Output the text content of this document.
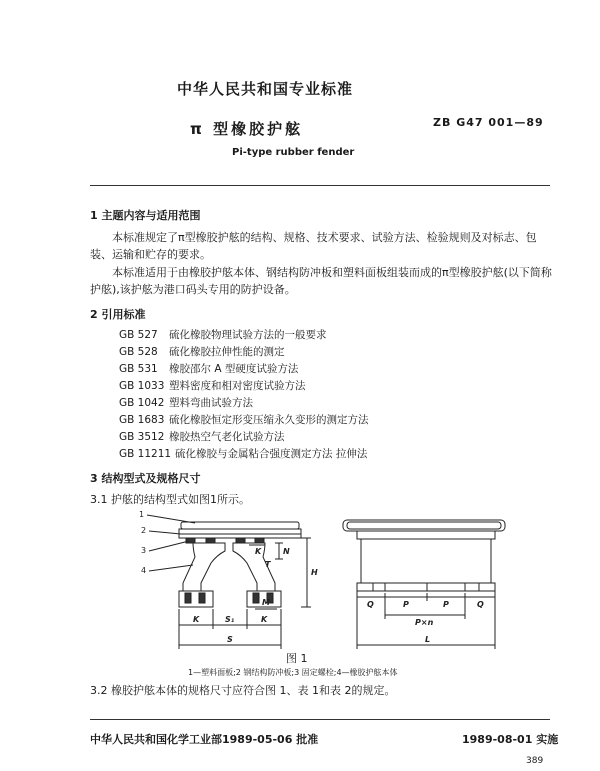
中华人民共和国专业标准
π 型橡胶护舷	ZB G47 001—89
Pi-type rubber fender
1 主题内容与适用范围
本标准规定了π型橡胶护舷的结构、规格、技术要求、试验方法、检验规则及对标志、包装、运输和贮存的要求。
本标准适用于由橡胶护舷本体、钢结构防冲板和塑料面板组装而成的π型橡胶护舷(以下简称护舷),该护舷为港口码头专用的防护设备。
2 引用标准
GB 527 硫化橡胶物理试验方法的一般要求
GB 528 硫化橡胶拉伸性能的测定
GB 531 橡胶邵尔 A 型硬度试验方法
GB 1033 塑料密度和相对密度试验方法
GB 1042 塑料弯曲试验方法
GB 1683 硫化橡胶恒定形变压缩永久变形的测定方法
GB 3512 橡胶热空气老化试验方法
GB 11211 硫化橡胶与金属粘合强度测定方法 拉伸法
3 结构型式及规格尺寸
3.1 护舷的结构型式如图1所示。
1
2
3
4
K	N
T
H
K	S₁	K
M
S
Q	P	P	Q
P×n
L
图 1
1—塑料面板;2 钢结构防冲板;3 固定螺栓;4—橡胶护舷本体
3.2 橡胶护舷本体的规格尺寸应符合图 1、表 1和表 2的规定。
中华人民共和国化学工业部1989-05-06 批准	1989-08-01 实施
389
